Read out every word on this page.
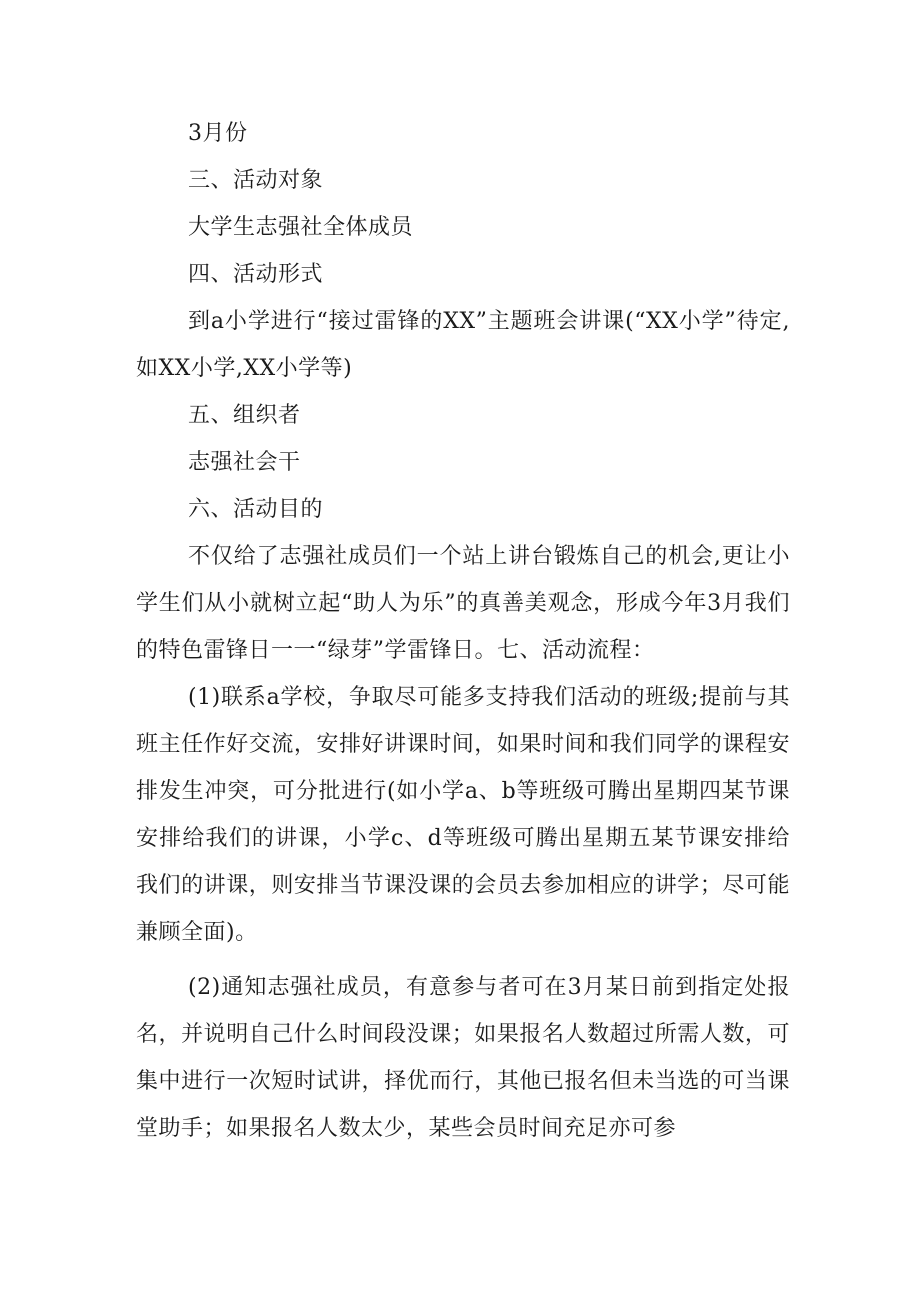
3月份

三、活动对象

大学生志强社全体成员

四、活动形式

到a小学进行“接过雷锋的XX”主题班会讲课(“XX小学”待定,如XX小学,XX小学等)

五、组织者

志强社会干

六、活动目的

不仅给了志强社成员们一个站上讲台锻炼自己的机会,更让小学生们从小就树立起“助人为乐”的真善美观念，形成今年3月我们的特色雷锋日一一“绿芽”学雷锋日。七、活动流程：

(1)联系a学校，争取尽可能多支持我们活动的班级;提前与其班主任作好交流，安排好讲课时间，如果时间和我们同学的课程安排发生冲突，可分批进行(如小学a、b等班级可腾出星期四某节课安排给我们的讲课，小学c、d等班级可腾出星期五某节课安排给我们的讲课，则安排当节课没课的会员去参加相应的讲学；尽可能兼顾全面)。

(2)通知志强社成员，有意参与者可在3月某日前到指定处报名，并说明自己什么时间段没课；如果报名人数超过所需人数，可集中进行一次短时试讲，择优而行，其他已报名但未当选的可当课堂助手；如果报名人数太少，某些会员时间充足亦可参
